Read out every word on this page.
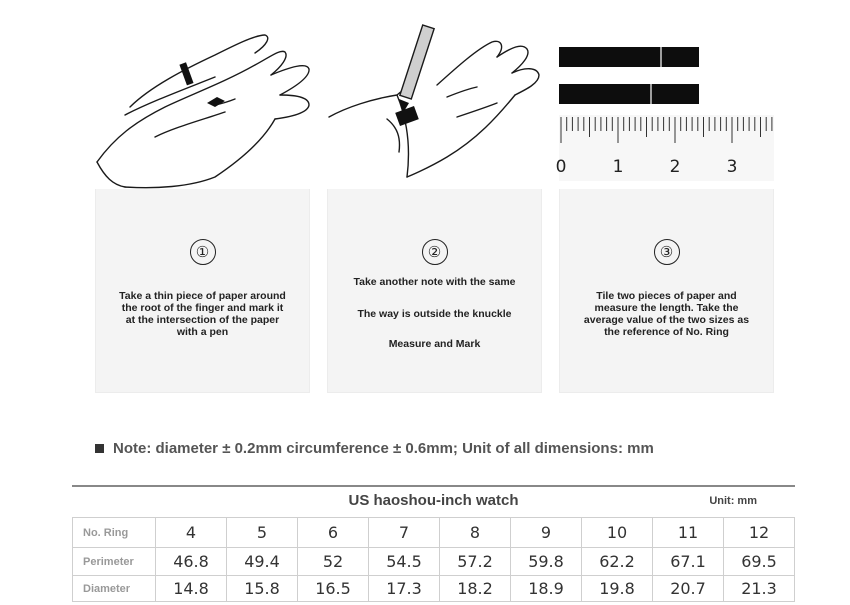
①
Take a thin piece of paper around
the root of the finger and mark it
at the intersection of the paper
with a pen
②
Take another note with the same
The way is outside the knuckle
Measure and Mark
0	1	2	3
③
Tile two pieces of paper and
measure the length. Take the
average value of the two sizes as
the reference of No. Ring
Note: diameter ± 0.2mm circumference ± 0.6mm; Unit of all dimensions: mm
US haoshou-inch watch	Unit: mm
No. Ring	4	5	6	7	8	9	10	11	12
Perimeter	46.8	49.4	52	54.5	57.2	59.8	62.2	67.1	69.5
Diameter	14.8	15.8	16.5	17.3	18.2	18.9	19.8	20.7	21.3
